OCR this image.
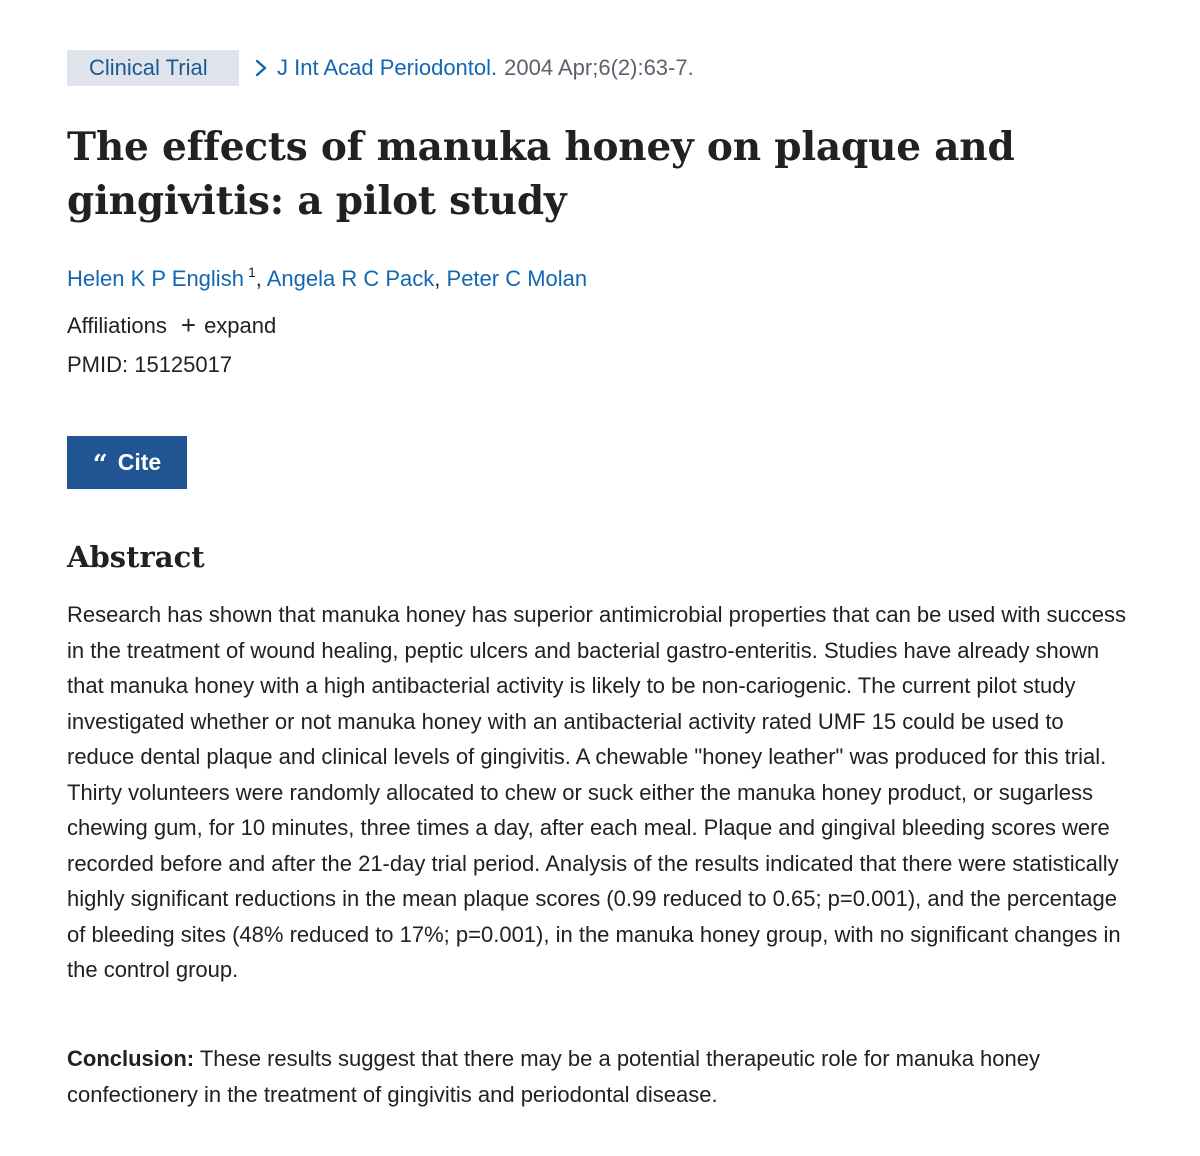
Clinical Trial	J Int Acad Periodontol. 2004 Apr;6(2):63-7.
The effects of manuka honey on plaque and gingivitis: a pilot study
Helen K P English $^1$, Angela R C Pack, Peter C Molan
Affiliations + expand
PMID: 15125017
“ Cite
Abstract

Research has shown that manuka honey has superior antimicrobial properties that can be used with success in the treatment of wound healing, peptic ulcers and bacterial gastro-enteritis. Studies have already shown that manuka honey with a high antibacterial activity is likely to be non-cariogenic. The current pilot study investigated whether or not manuka honey with an antibacterial activity rated UMF 15 could be used to reduce dental plaque and clinical levels of gingivitis. A chewable "honey leather" was produced for this trial. Thirty volunteers were randomly allocated to chew or suck either the manuka honey product, or sugarless chewing gum, for 10 minutes, three times a day, after each meal. Plaque and gingival bleeding scores were recorded before and after the 21-day trial period. Analysis of the results indicated that there were statistically highly significant reductions in the mean plaque scores (0.99 reduced to 0.65; p=0.001), and the percentage of bleeding sites (48% reduced to 17%; p=0.001), in the manuka honey group, with no significant changes in the control group.

Conclusion: These results suggest that there may be a potential therapeutic role for manuka honey confectionery in the treatment of gingivitis and periodontal disease.
